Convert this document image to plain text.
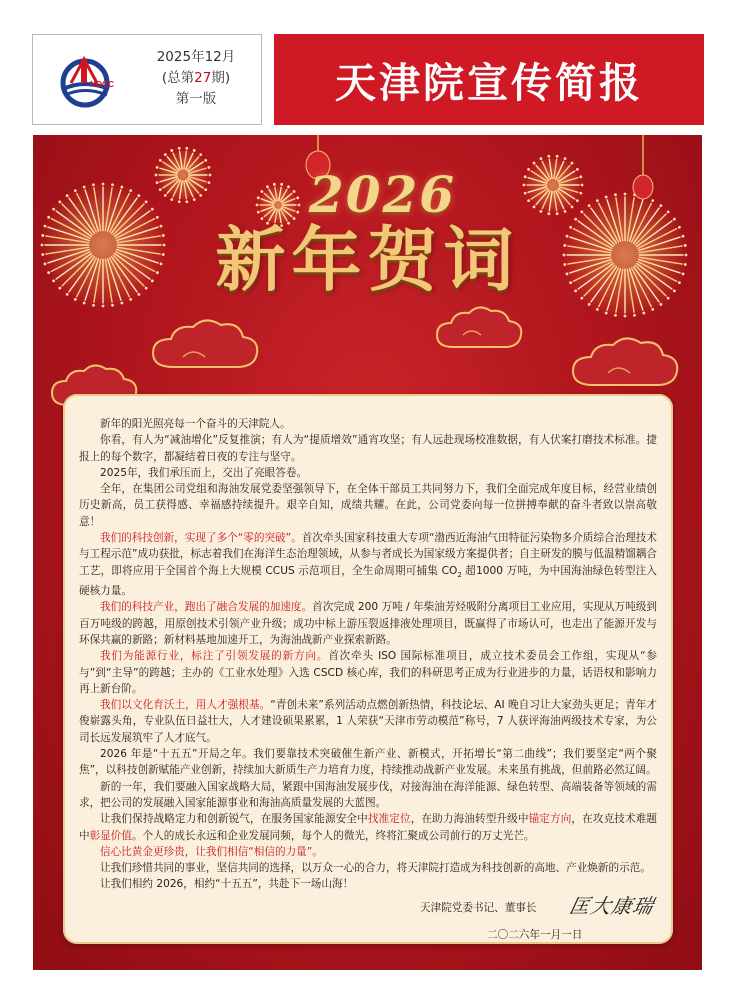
NOOC
2025年12月
(总第27期)
第一版	天津院宣传简报
2026
新年贺词

新年的阳光照亮每一个奋斗的天津院人。

你看，有人为“减油增化”反复推演；有人为“提质增效”通宵攻坚；有人远赴现场校准数据，有人伏案打磨技术标准。捷报上的每个数字，都凝结着日夜的专注与坚守。

2025年，我们承压而上，交出了亮眼答卷。

全年，在集团公司党组和海油发展党委坚强领导下，在全体干部员工共同努力下，我们全面完成年度目标，经营业绩创历史新高，员工获得感、幸福感持续提升。艰辛自知，成绩共耀。在此，公司党委向每一位拼搏奉献的奋斗者致以崇高敬意！

我们的科技创新，实现了多个“零的突破”。首次牵头国家科技重大专项“渤西近海油气田特征污染物多介质综合治理技术与工程示范”成功获批，标志着我们在海洋生态治理领域，从参与者成长为国家级方案提供者；自主研发的膜与低温精馏耦合工艺，即将应用于全国首个海上大规模 CCUS 示范项目，全生命周期可捕集 $CO_2$ 超1000 万吨，为中国海油绿色转型注入硬核力量。

我们的科技产业，跑出了融合发展的加速度。首次完成 200 万吨 / 年柴油芳烃吸附分离项目工业应用，实现从万吨级到百万吨级的跨越，用原创技术引领产业升级；成功中标上游压裂返排液处理项目，既赢得了市场认可，也走出了能源开发与环保共赢的新路；新材料基地加速开工，为海油战新产业探索新路。

我们为能源行业，标注了引领发展的新方向。首次牵头 ISO 国际标准项目，成立技术委员会工作组，实现从“参与”到“主导”的跨越；主办的《工业水处理》入选 CSCD 核心库，我们的科研思考正成为行业进步的力量，话语权和影响力再上新台阶。

我们以文化育沃土，用人才强根基。“青创未来”系列活动点燃创新热情，科技论坛、AI 晚自习让大家劲头更足；青年才俊崭露头角，专业队伍日益壮大，人才建设硕果累累，1 人荣获“天津市劳动模范”称号，7 人获评海油两级技术专家，为公司长远发展筑牢了人才底气。

2026 年是“十五五”开局之年。我们要靠技术突破催生新产业、新模式，开拓增长“第二曲线”；我们要坚定“两个聚焦”，以科技创新赋能产业创新，持续加大新质生产力培育力度，持续推动战新产业发展。未来虽有挑战，但前路必然辽阔。

新的一年，我们要融入国家战略大局，紧跟中国海油发展步伐，对接海油在海洋能源、绿色转型、高端装备等领域的需求，把公司的发展融入国家能源事业和海油高质量发展的大蓝图。

让我们保持战略定力和创新锐气，在服务国家能源安全中找准定位，在助力海油转型升级中锚定方向，在攻克技术难题中彰显价值。个人的成长永远和企业发展同频，每个人的微光，终将汇聚成公司前行的万丈光芒。

信心比黄金更珍贵，让我们相信“相信的力量”。

让我们珍惜共同的事业，坚信共同的选择，以万众一心的合力，将天津院打造成为科技创新的高地、产业焕新的示范。

让我们相约 2026，相约“十五五”，共赴下一场山海！

天津院党委书记、董事长 匡大康瑞
二〇二六年一月一日
